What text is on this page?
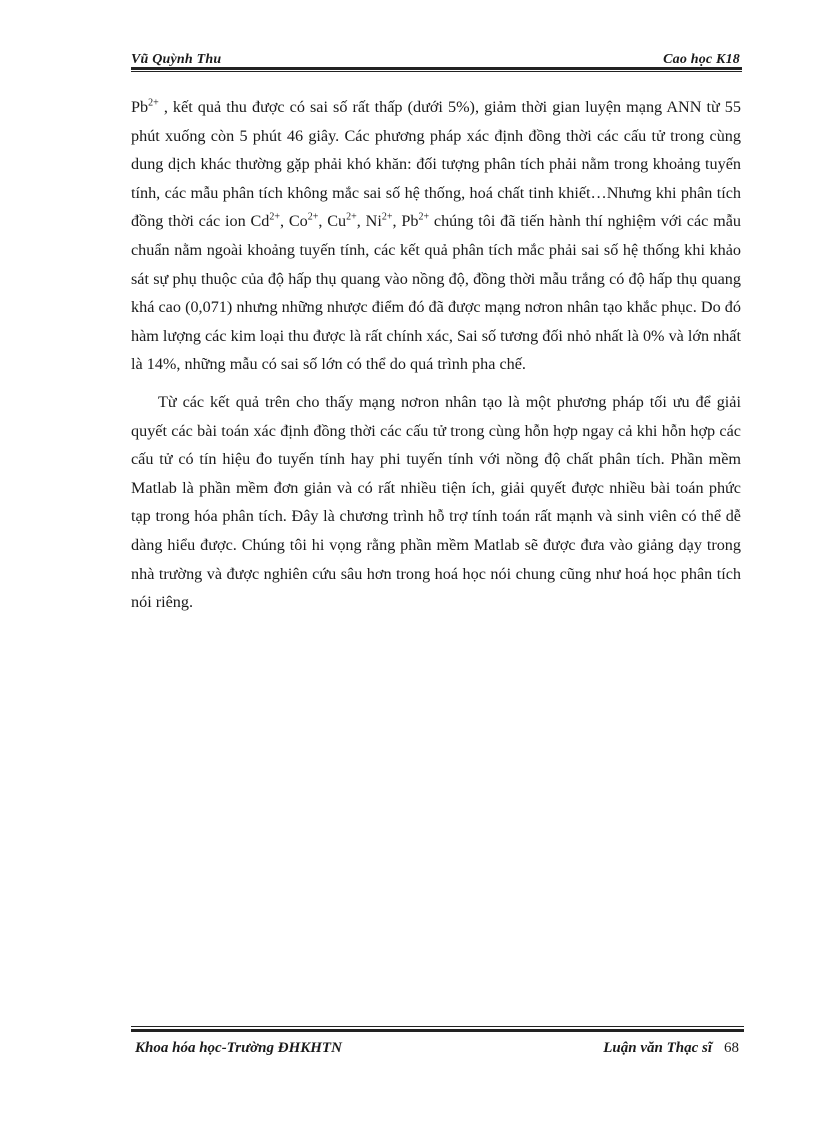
Vũ Quỳnh Thu	Cao học K18

$Pb^{2+}$ , kết quả thu được có sai số rất thấp (dưới 5%), giảm thời gian luyện mạng ANN từ 55 phút xuống còn 5 phút 46 giây. Các phương pháp xác định đồng thời các cấu tử trong cùng dung dịch khác thường gặp phải khó khăn: đối tượng phân tích phải nằm trong khoảng tuyến tính, các mẫu phân tích không mắc sai số hệ thống, hoá chất tinh khiết…Nhưng khi phân tích đồng thời các ion $Cd^{2+}$, $Co^{2+}$, $Cu^{2+}$, $Ni^{2+}$, $Pb^{2+}$ chúng tôi đã tiến hành thí nghiệm với các mẫu chuẩn nằm ngoài khoảng tuyến tính, các kết quả phân tích mắc phải sai số hệ thống khi khảo sát sự phụ thuộc của độ hấp thụ quang vào nồng độ, đồng thời mẫu trắng có độ hấp thụ quang khá cao (0,071) nhưng những nhược điểm đó đã được mạng nơron nhân tạo khắc phục. Do đó hàm lượng các kim loại thu được là rất chính xác, Sai số tương đối nhỏ nhất là 0% và lớn nhất là 14%, những mẫu có sai số lớn có thể do quá trình pha chế.

Từ các kết quả trên cho thấy mạng nơron nhân tạo là một phương pháp tối ưu để giải quyết các bài toán xác định đồng thời các cấu tử trong cùng hỗn hợp ngay cả khi hỗn hợp các cấu tử có tín hiệu đo tuyến tính hay phi tuyến tính với nồng độ chất phân tích. Phần mềm Matlab là phần mềm đơn giản và có rất nhiều tiện ích, giải quyết được nhiều bài toán phức tạp trong hóa phân tích. Đây là chương trình hỗ trợ tính toán rất mạnh và sinh viên có thể dễ dàng hiểu được. Chúng tôi hi vọng rằng phần mềm Matlab sẽ được đưa vào giảng dạy trong nhà trường và được nghiên cứu sâu hơn trong hoá học nói chung cũng như hoá học phân tích nói riêng.

Khoa hóa học-Trường ĐHKHTN	Luận văn Thạc sĩ 68
